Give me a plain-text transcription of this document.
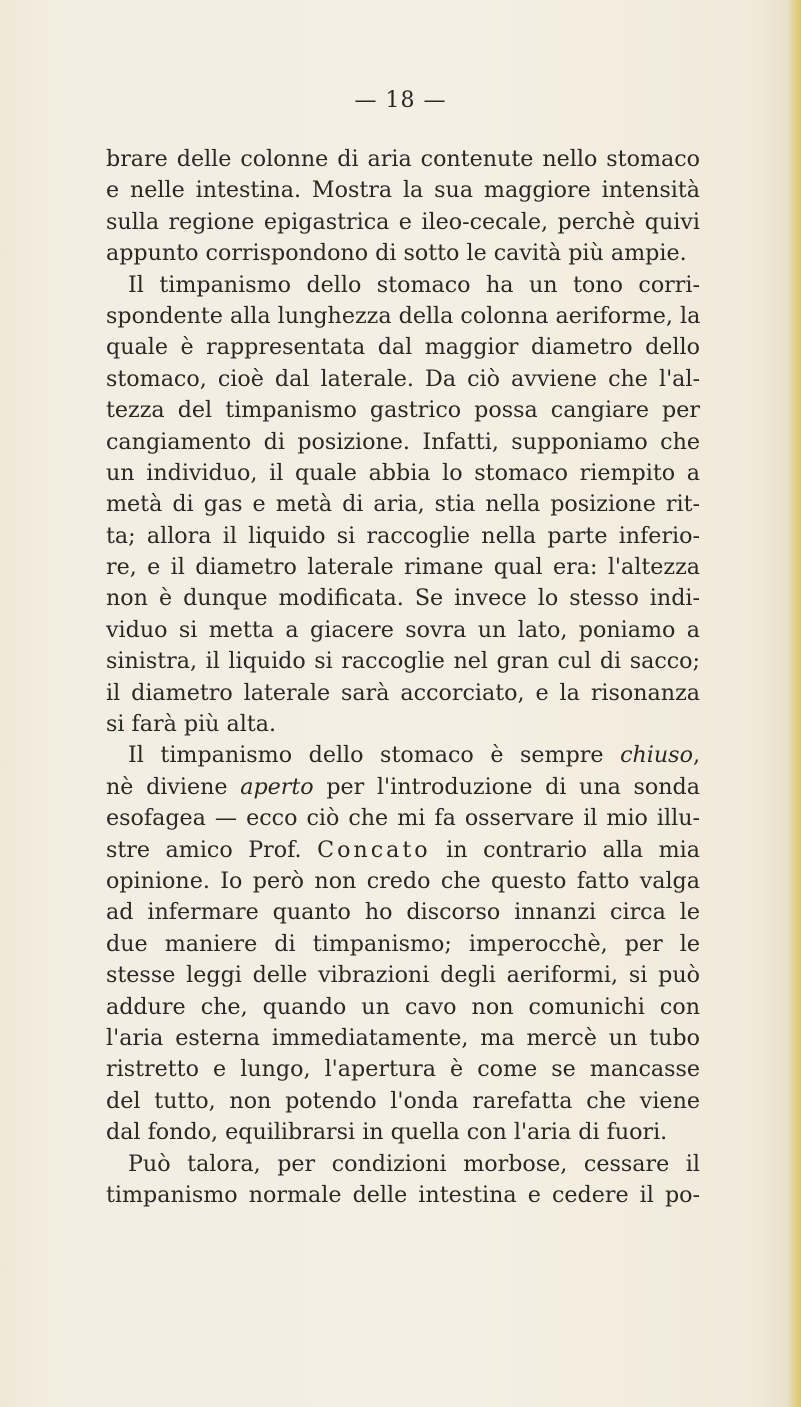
— 18 —
brare delle colonne di aria contenute nello stomaco
e nelle intestina. Mostra la sua maggiore intensità
sulla regione epigastrica e ileo-cecale, perchè quivi
appunto corrispondono di sotto le cavità più ampie.
Il timpanismo dello stomaco ha un tono corri-
spondente alla lunghezza della colonna aeriforme, la
quale è rappresentata dal maggior diametro dello
stomaco, cioè dal laterale. Da ciò avviene che l'al-
tezza del timpanismo gastrico possa cangiare per
cangiamento di posizione. Infatti, supponiamo che
un individuo, il quale abbia lo stomaco riempito a
metà di gas e metà di aria, stia nella posizione rit-
ta; allora il liquido si raccoglie nella parte inferio-
re, e il diametro laterale rimane qual era: l'altezza
non è dunque modificata. Se invece lo stesso indi-
viduo si metta a giacere sovra un lato, poniamo a
sinistra, il liquido si raccoglie nel gran cul di sacco;
il diametro laterale sarà accorciato, e la risonanza
si farà più alta.
Il timpanismo dello stomaco è sempre chiuso,
nè diviene aperto per l'introduzione di una sonda
esofagea — ecco ciò che mi fa osservare il mio illu-
stre amico Prof. Concato in contrario alla mia
opinione. Io però non credo che questo fatto valga
ad infermare quanto ho discorso innanzi circa le
due maniere di timpanismo; imperocchè, per le
stesse leggi delle vibrazioni degli aeriformi, si può
addure che, quando un cavo non comunichi con
l'aria esterna immediatamente, ma mercè un tubo
ristretto e lungo, l'apertura è come se mancasse
del tutto, non potendo l'onda rarefatta che viene
dal fondo, equilibrarsi in quella con l'aria di fuori.
Può talora, per condizioni morbose, cessare il
timpanismo normale delle intestina e cedere il po-
